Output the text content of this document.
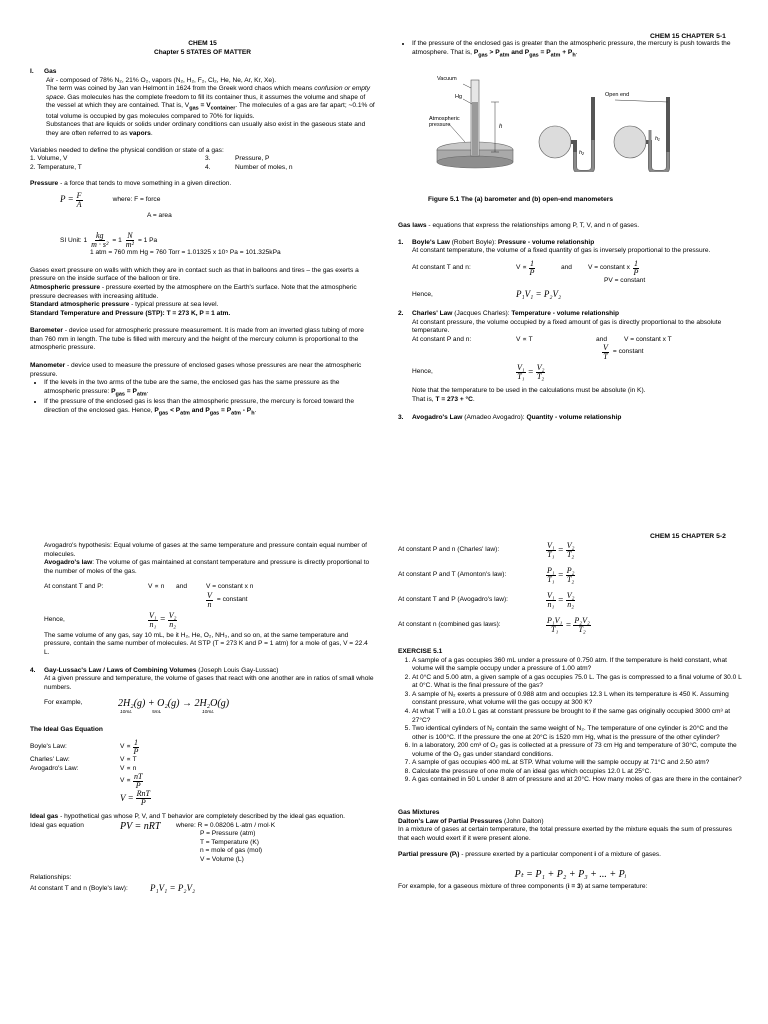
CHEM 15 CHAPTER 5-1
CHEM 15
Chapter 5 STATES OF MATTER
I.	Gas

Air - composed of 78% N₂, 21% O₂, vapors (N₂, H₂, F₂, Cl₂, He, Ne, Ar, Kr, Xe).

The term was coined by Jan van Helmont in 1624 from the Greek word chaos which means confusion or empty space. Gas molecules has the complete freedom to fill its container thus, it assumes the volume and shape of the vessel at which they are contained. That is, $V_{gas} = V_{container}$. The molecules of a gas are far apart; ~0.1% of total volume is occupied by gas molecules compared to 70% for liquids.

Substances that are liquids or solids under ordinary conditions can usually also exist in the gaseous state and they are often referred to as vapors.

Variables needed to define the physical condition or state of a gas:

1. Volume, V	3.	Pressure, P
2. Temperature, T	4.	Number of moles, n

Pressure - a force that tends to move something in a given direction.

$P = \frac{F}{A}$	where: F = force

A = area

SI Unit: $1 \frac{kg}{\text{m · s²}} = 1 \frac{N}{\text{m²}} = 1$ Pa

1 atm = 760 mm Hg = 760 Torr = 1.01325 x 10⁵ Pa = 101.325kPa

Gases exert pressure on walls with which they are in contact such as that in balloons and tires – the gas exerts a pressure on the inside surface of the balloon or tire.

Atmospheric pressure - pressure exerted by the atmosphere on the Earth's surface. Note that the atmospheric pressure decreases with increasing altitude.

Standard atmospheric pressure - typical pressure at sea level.

Standard Temperature and Pressure (STP): T = 273 K, P = 1 atm.

Barometer - device used for atmospheric pressure measurement. It is made from an inverted glass tubing of more than 760 mm in length. The tube is filled with mercury and the height of the mercury column is proportional to the atmospheric pressure.

Manometer - device used to measure the pressure of enclosed gases whose pressures are near the atmospheric pressure.

• If the levels in the two arms of the tube are the same, the enclosed gas has the same pressure as the atmospheric pressure: $P_{gas} = P_{atm}$.
• If the pressure of the enclosed gas is less than the atmospheric pressure, the mercury is forced toward the direction of the enclosed gas. Hence, $P_{gas} < P_{atm}$ and $P_{gas} = P_{atm} - P_h$.
• If the pressure of the enclosed gas is greater than the atmospheric pressure, the mercury is push towards the atmosphere. That is, $P_{gas} > P_{atm}$ and $P_{gas} = P_{atm} + P_h$.
Vacuum
Hg
Atmospheric pressure	h
Open end
h₂
h₁
Figure 5.1 The (a) barometer and (b) open-end manometers

Gas laws - equations that express the relationships among P, T, V, and n of gases.

1.	Boyle's Law (Robert Boyle): Pressure - volume relationship

At constant temperature, the volume of a fixed quantity of gas is inversely proportional to the pressure.

At constant T and n:	$V \propto \frac{1}{P}$	and V = constant x $\frac{1}{P}$

PV = constant

Hence,	P₁V₁ = P₂V₂
2.	Charles' Law (Jacques Charles): Temperature - volume relationship

At constant pressure, the volume occupied by a fixed amount of gas is directly proportional to the absolute temperature.

At constant P and n:	V ∝ T	and	V = constant x T
$\frac{V}{T}$ = constant
Hence,	$\frac{\text{V₁}}{\text{T₁}} = \frac{\text{V₂}}{\text{T₂}}$

Note that the temperature to be used in the calculations must be absolute (in K).

That is, T = 273 + °C.

3.	Avogadro's Law (Amadeo Avogadro): Quantity - volume relationship
CHEM 15 CHAPTER 5-2

Avogadro's hypothesis: Equal volume of gases at the same temperature and pressure contain equal number of molecules.

Avogadro's law: The volume of gas maintained at constant temperature and pressure is directly proportional to the number of moles of the gas.

At constant T and P:	V ∝ n	and	V = constant x n
$\frac{V}{n}$ = constant
Hence,	$\frac{\text{V₁}}{\text{n₁}} = \frac{\text{V₂}}{\text{n₂}}$

The same volume of any gas, say 10 mL, be it H₂, He, O₂, NH₃, and so on, at the same temperature and pressure, contain the same number of molecules. At STP (T = 273 K and P = 1 atm) for a mole of gas, V = 22.4 L.

4.	Gay-Lussac's Law / Laws of Combining Volumes (Joseph Louis Gay-Lussac)

At a given pressure and temperature, the volume of gases that react with one another are in ratios of small whole numbers.

For example,	2H₂(g) + O₂(g) → 2H₂O(g)
10mL	5mL	10mL

The Ideal Gas Equation

Boyle's Law:	$V \propto \frac{1}{P}$
Charles' Law:	V ∝ T
Avogadro's Law:	V ∝ n
$V \propto \frac{nT}{P}$
$V = \frac{\text{RnT}}{P}$

Ideal gas - hypothetical gas whose P, V, and T behavior are completely described by the ideal gas equation.

Ideal gas equation	PV = nRT	where: R = 0.08206 L·atm / mol·K

P = Pressure (atm)

T = Temperature (K)

n = mole of gas (mol)

V = Volume (L)

Relationships:

At constant T and n (Boyle's law):	P₁V₁ = P₂V₂
At constant P and n (Charles' law):	$\frac{\text{V₁}}{\text{T₁}} = \frac{\text{V₂}}{\text{T₂}}$
At constant P and T (Amonton's law):	$\frac{\text{P₁}}{\text{T₁}} = \frac{\text{P₂}}{\text{T₂}}$
At constant T and P (Avogadro's law):	$\frac{\text{V₁}}{\text{n₁}} = \frac{\text{V₂}}{\text{n₂}}$
At constant n (combined gas laws):	$\frac{\text{P₁V₁}}{\text{T₁}} = \frac{\text{P₂V₂}}{\text{T₂}}$

EXERCISE 5.1

1. A sample of a gas occupies 360 mL under a pressure of 0.750 atm. If the temperature is held constant, what volume will the sample occupy under a pressure of 1.00 atm?
2. At 0°C and 5.00 atm, a given sample of a gas occupies 75.0 L. The gas is compressed to a final volume of 30.0 L at 0°C. What is the final pressure of the gas?
3. A sample of N₂ exerts a pressure of 0.988 atm and occupies 12.3 L when its temperature is 450 K. Assuming constant pressure, what volume will the gas occupy at 300 K?
4. At what T will a 10.0 L gas at constant pressure be brought to if the same gas originally occupied 3000 cm³ at 27°C?
5. Two identical cylinders of N₂ contain the same weight of N₂. The temperature of one cylinder is 20°C and the other is 100°C. If the pressure the one at 20°C is 1520 mm Hg, what is the pressure of the other cylinder?
6. In a laboratory, 200 cm³ of O₂ gas is collected at a pressure of 73 cm Hg and temperature of 30°C, compute the volume of the O₂ gas under standard conditions.
7. A sample of gas occupies 400 mL at STP. What volume will the sample occupy at 71°C and 2.50 atm?
8. Calculate the pressure of one mole of an ideal gas which occupies 12.0 L at 25°C.
9. A gas contained in 50 L under 8 atm of pressure and at 20°C. How many moles of gas are there in the container?

Gas Mixtures

Dalton's Law of Partial Pressures (John Dalton)

In a mixture of gases at certain temperature, the total pressure exerted by the mixture equals the sum of pressures that each would exert if it were present alone.

Partial pressure (Pᵢ) - pressure exerted by a particular component i of a mixture of gases.

Pₜ = P₁ + P₂ + P₃ + ... + Pᵢ

For example, for a gaseous mixture of three components (i = 3) at same temperature:
